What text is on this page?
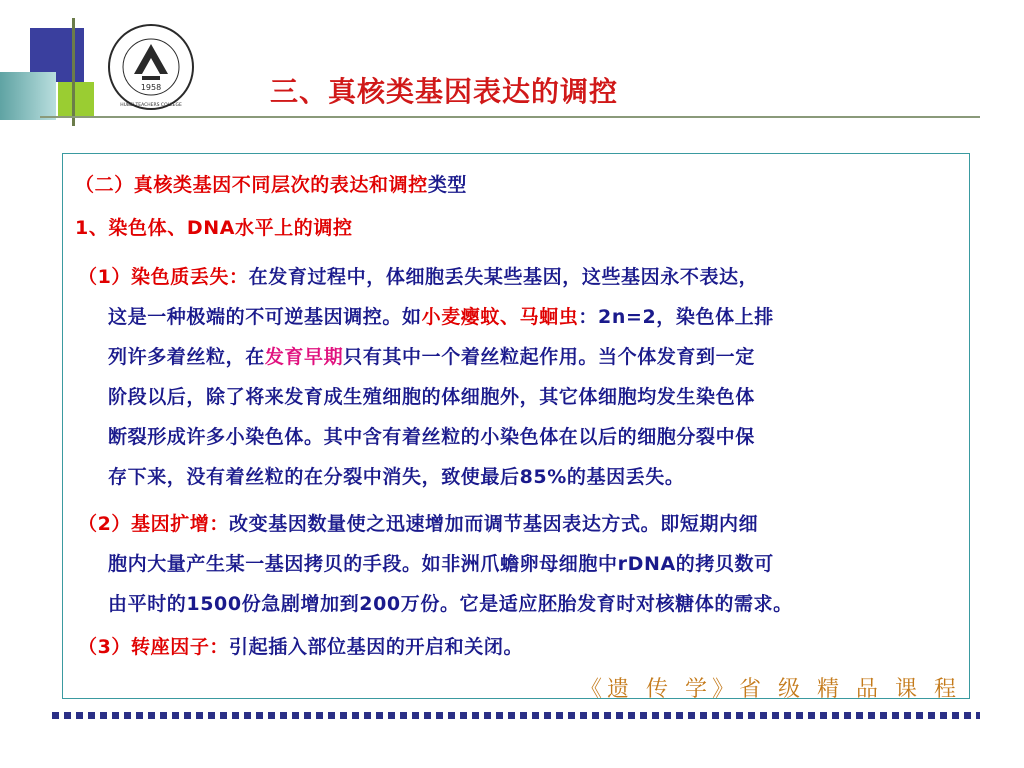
1958
HUBEI TEACHERS COLLEGE	三、真核类基因表达的调控
（二）真核类基因不同层次的表达和调控类型
1、染色体、DNA水平上的调控
（1）染色质丢失：在发育过程中，体细胞丢失某些基因，这些基因永不表达，
这是一种极端的不可逆基因调控。如小麦瘿蚊、马蛔虫：2n=2，染色体上排
列许多着丝粒，在发育早期只有其中一个着丝粒起作用。当个体发育到一定
阶段以后，除了将来发育成生殖细胞的体细胞外，其它体细胞均发生染色体
断裂形成许多小染色体。其中含有着丝粒的小染色体在以后的细胞分裂中保
存下来，没有着丝粒的在分裂中消失，致使最后85%的基因丢失。
（2）基因扩增：改变基因数量使之迅速增加而调节基因表达方式。即短期内细
胞内大量产生某一基因拷贝的手段。如非洲爪蟾卵母细胞中rDNA的拷贝数可
由平时的1500份急剧增加到200万份。它是适应胚胎发育时对核糖体的需求。
（3）转座因子：引起插入部位基因的开启和关闭。
《遗 传 学》省 级 精 品 课 程
